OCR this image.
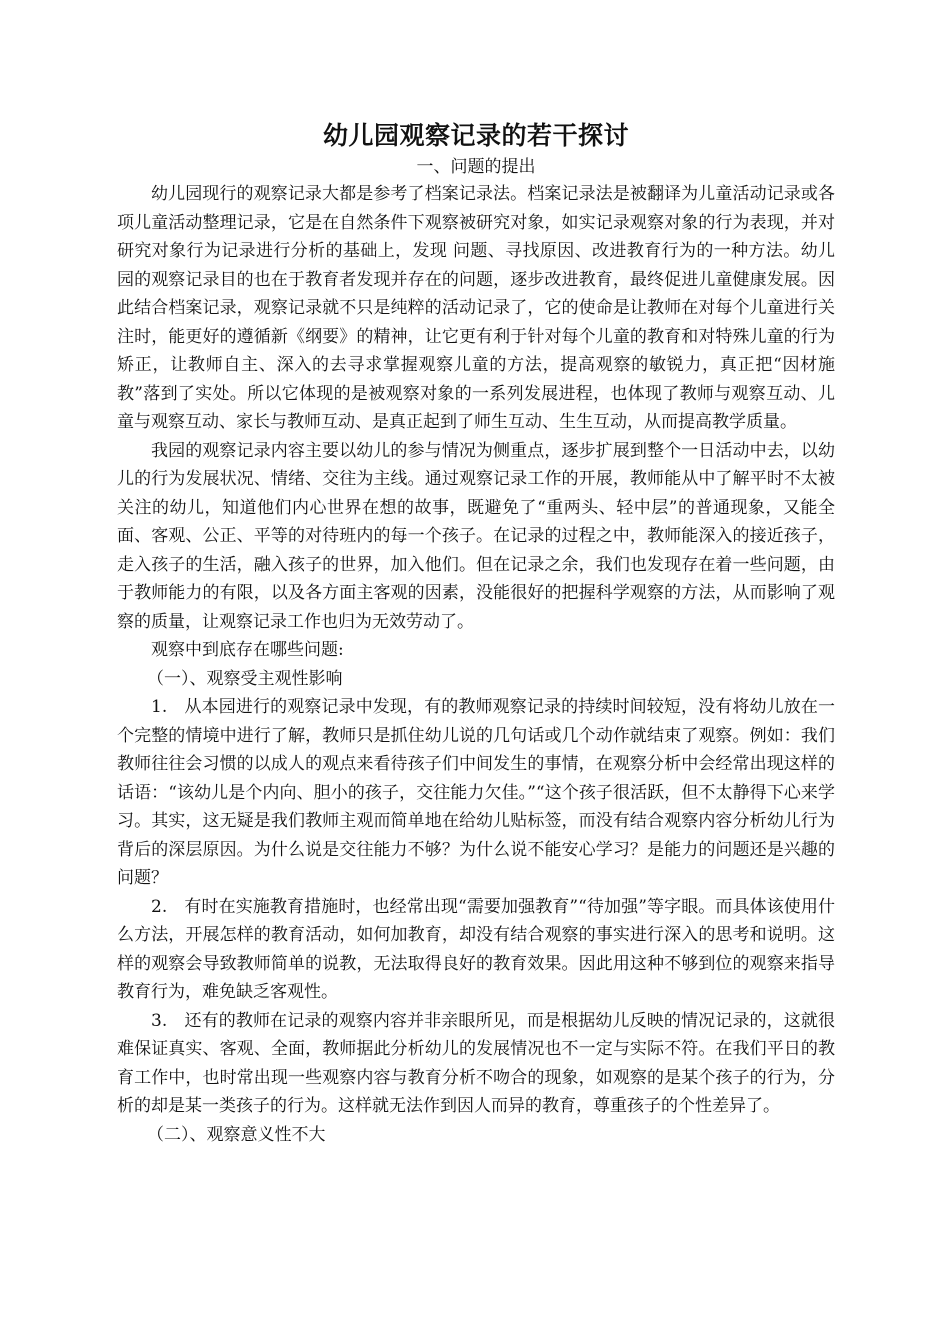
幼儿园观察记录的若干探讨
一、问题的提出

幼儿园现行的观察记录大都是参考了档案记录法。档案记录法是被翻译为儿童活动记录或各项儿童活动整理记录，它是在自然条件下观察被研究对象，如实记录观察对象的行为表现，并对研究对象行为记录进行分析的基础上，发现 问题、寻找原因、改进教育行为的一种方法。幼儿园的观察记录目的也在于教育者发现并存在的问题，逐步改进教育，最终促进儿童健康发展。因此结合档案记录，观察记录就不只是纯粹的活动记录了，它的使命是让教师在对每个儿童进行关注时，能更好的遵循新《纲要》的精神，让它更有利于针对每个儿童的教育和对特殊儿童的行为矫正，让教师自主、深入的去寻求掌握观察儿童的方法，提高观察的敏锐力，真正把“因材施教”落到了实处。所以它体现的是被观察对象的一系列发展进程，也体现了教师与观察互动、儿童与观察互动、家长与教师互动、是真正起到了师生互动、生生互动，从而提高教学质量。

我园的观察记录内容主要以幼儿的参与情况为侧重点，逐步扩展到整个一日活动中去，以幼儿的行为发展状况、情绪、交往为主线。通过观察记录工作的开展，教师能从中了解平时不太被关注的幼儿，知道他们内心世界在想的故事，既避免了“重两头、轻中层”的普通现象，又能全面、客观、公正、平等的对待班内的每一个孩子。在记录的过程之中，教师能深入的接近孩子，走入孩子的生活，融入孩子的世界，加入他们。但在记录之余，我们也发现存在着一些问题，由于教师能力的有限，以及各方面主客观的因素，没能很好的把握科学观察的方法，从而影响了观察的质量，让观察记录工作也归为无效劳动了。

观察中到底存在哪些问题:

（一）、观察受主观性影响

1.　从本园进行的观察记录中发现，有的教师观察记录的持续时间较短，没有将幼儿放在一个完整的情境中进行了解，教师只是抓住幼儿说的几句话或几个动作就结束了观察。例如：我们教师往往会习惯的以成人的观点来看待孩子们中间发生的事情，在观察分析中会经常出现这样的话语：“该幼儿是个内向、胆小的孩子，交往能力欠佳。”“这个孩子很活跃，但不太静得下心来学习。其实，这无疑是我们教师主观而简单地在给幼儿贴标签，而没有结合观察内容分析幼儿行为背后的深层原因。为什么说是交往能力不够？为什么说不能安心学习？是能力的问题还是兴趣的问题？

2.　有时在实施教育措施时，也经常出现“需要加强教育”“待加强”等字眼。而具体该使用什么方法，开展怎样的教育活动，如何加教育，却没有结合观察的事实进行深入的思考和说明。这样的观察会导致教师简单的说教，无法取得良好的教育效果。因此用这种不够到位的观察来指导教育行为，难免缺乏客观性。

3.　还有的教师在记录的观察内容并非亲眼所见，而是根据幼儿反映的情况记录的，这就很难保证真实、客观、全面，教师据此分析幼儿的发展情况也不一定与实际不符。在我们平日的教育工作中，也时常出现一些观察内容与教育分析不吻合的现象，如观察的是某个孩子的行为，分析的却是某一类孩子的行为。这样就无法作到因人而异的教育，尊重孩子的个性差异了。

（二）、观察意义性不大
